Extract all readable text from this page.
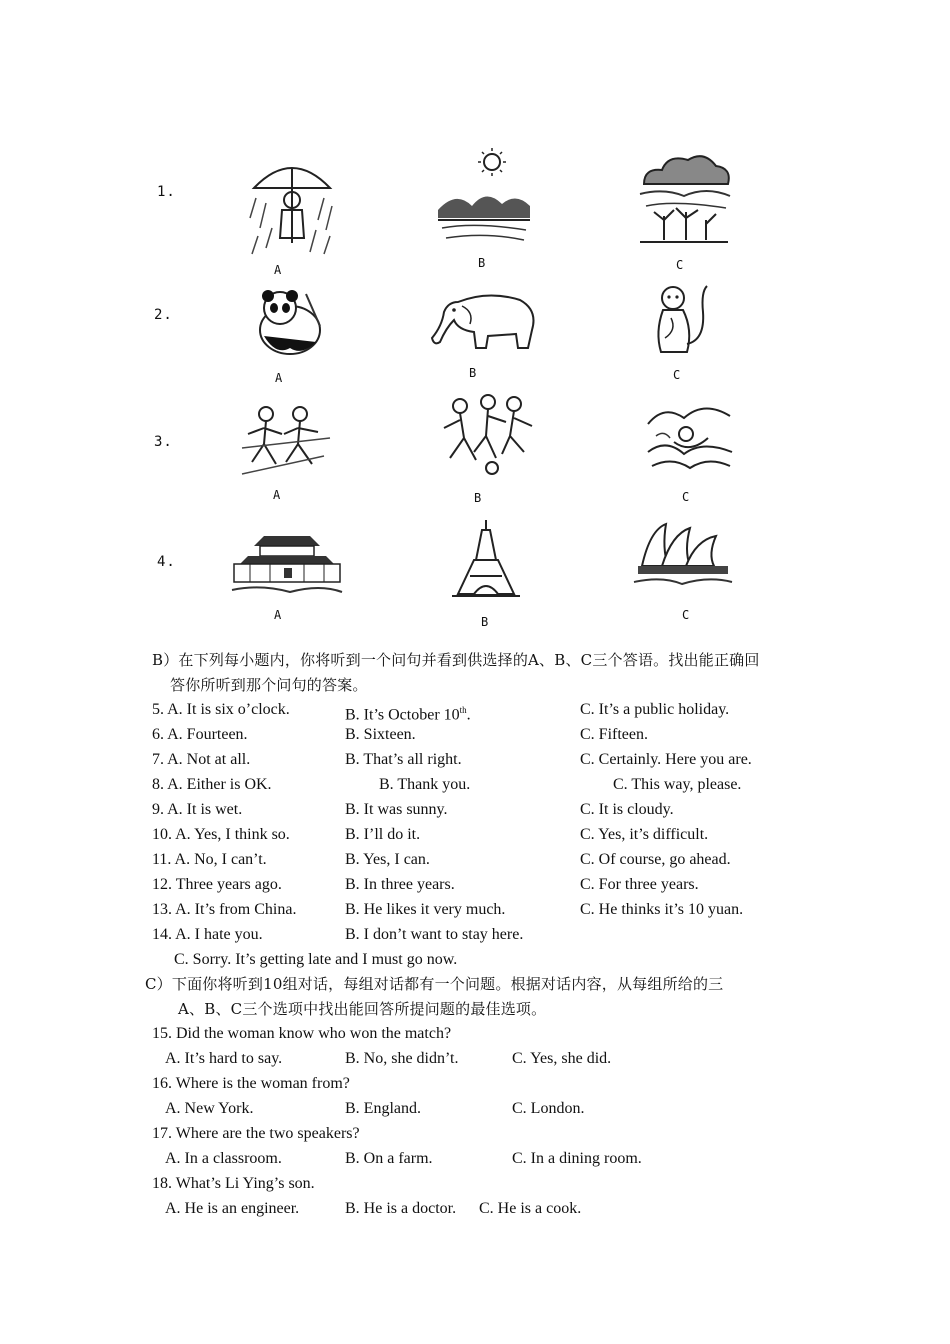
1.
A	B	C
2.
A	B	C
3.
A	B	C
4.
A	B	C
B）在下列每小题内，你将听到一个问句并看到供选择的A、B、C三个答语。找出能正确回
答你所听到那个问句的答案。
5. A. It is six o’clock.	B. It’s October 10th.	C. It’s a public holiday.
6. A. Fourteen.	B. Sixteen.	C. Fifteen.
7. A. Not at all.	B. That’s all right.	C. Certainly. Here you are.
8. A. Either is OK.	B. Thank you.	C. This way, please.
9. A. It is wet.	B. It was sunny.	C. It is cloudy.
10. A. Yes, I think so.	B. I’ll do it.	C. Yes, it’s difficult.
11. A. No, I can’t.	B. Yes, I can.	C. Of course, go ahead.
12. Three years ago.	B. In three years.	C. For three years.
13. A. It’s from China.	B. He likes it very much.	C. He thinks it’s 10 yuan.
14. A. I hate you.	B. I don’t want to stay here.
C. Sorry. It’s getting late and I must go now.
C）下面你将听到10组对话，每组对话都有一个问题。根据对话内容，从每组所给的三
A、B、C三个选项中找出能回答所提问题的最佳选项。
15. Did the woman know who won the match?
A. It’s hard to say.	B. No, she didn’t.	C. Yes, she did.
16. Where is the woman from?
A. New York.	B. England.	C. London.
17. Where are the two speakers?
A. In a classroom.	B. On a farm.	C. In a dining room.
18. What’s Li Ying’s son.
A. He is an engineer.	B. He is a doctor. C. He is a cook.
